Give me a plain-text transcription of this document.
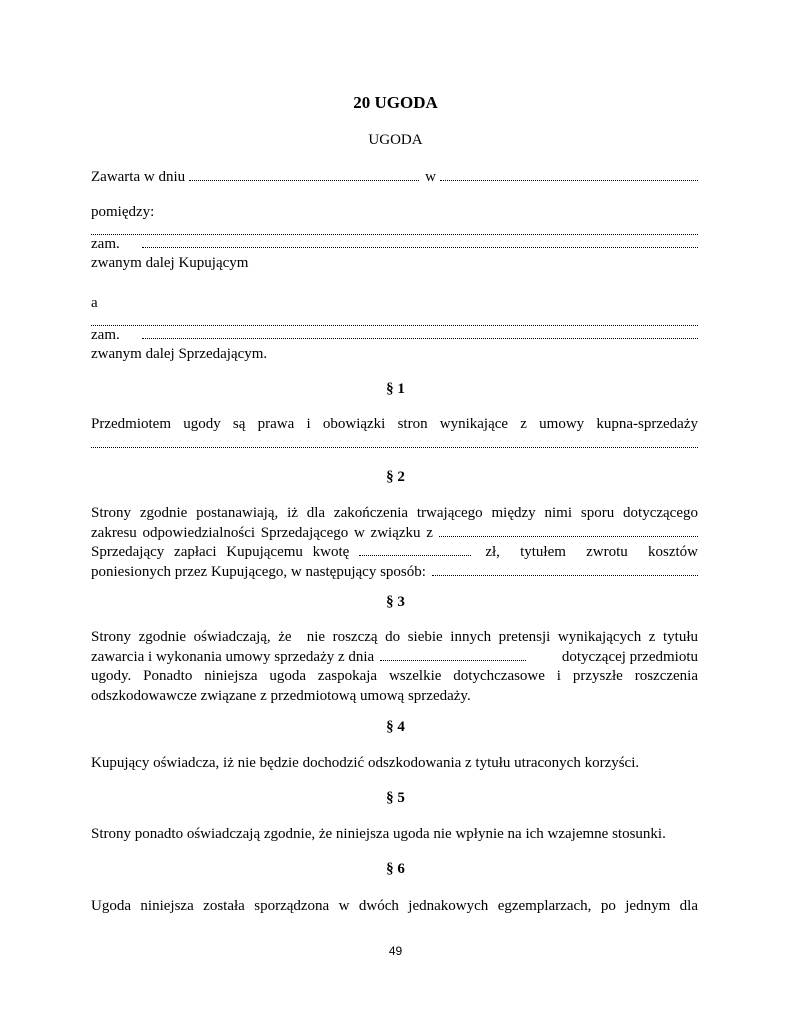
20 UGODA
UGODA
Zawarta w dniu	w
pomiędzy:
zam.
zwanym dalej Kupującym
a
zam.
zwanym dalej Sprzedającym.
§ 1
Przedmiotem ugody są prawa i obowiązki stron wynikające z umowy kupna-sprzedaży
§ 2
Strony zgodnie postanawiają, iż dla zakończenia trwającego między nimi sporu dotyczącego
zakresu odpowiedzialności Sprzedającego w związku z
Sprzedający zapłaci Kupującemu kwotę	zł, tytułem zwrotu kosztów
poniesionych przez Kupującego, w następujący sposób:
§ 3
Strony zgodnie oświadczają, że  nie roszczą do siebie innych pretensji wynikających z tytułu
zawarcia i wykonania umowy sprzedaży z dnia	dotyczącej przedmiotu
ugody. Ponadto niniejsza ugoda zaspokaja wszelkie dotychczasowe i przyszłe roszczenia
odszkodowawcze związane z przedmiotową umową sprzedaży.
§ 4
Kupujący oświadcza, iż nie będzie dochodzić odszkodowania z tytułu utraconych korzyści.
§ 5
Strony ponadto oświadczają zgodnie, że niniejsza ugoda nie wpłynie na ich wzajemne stosunki.
§ 6
Ugoda niniejsza została sporządzona w dwóch jednakowych egzemplarzach, po jednym dla
49
